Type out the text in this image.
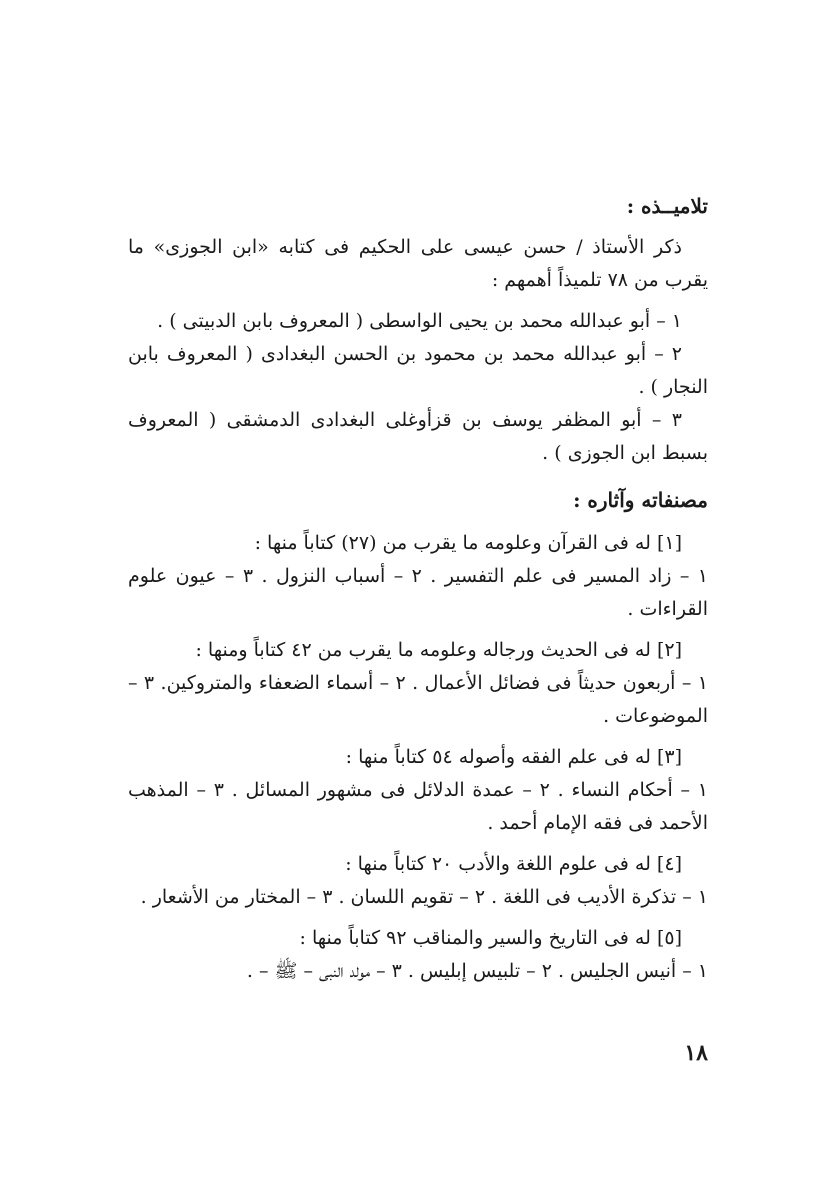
تلاميــذه :

ذكر الأستاذ / حسن عيسى على الحكيم فى كتابه «ابن الجوزى» ما يقرب من ٧٨ تلميذاً أهمهم :

١ – أبو عبدالله محمد بن يحيى الواسطى ( المعروف بابن الدبيتى ) .

٢ – أبو عبدالله محمد بن محمود بن الحسن البغدادى ( المعروف بابن النجار ) .

٣ – أبو المظفر يوسف بن قزأوغلى البغدادى الدمشقى ( المعروف بسبط ابن الجوزى ) .

مصنفاته وآثاره :

[١] له فى القرآن وعلومه ما يقرب من (٢٧) كتاباً منها :

١ – زاد المسير فى علم التفسير . ٢ – أسباب النزول . ٣ – عيون علوم القراءات .

[٢] له فى الحديث ورجاله وعلومه ما يقرب من ٤٢ كتاباً ومنها :

١ – أربعون حديثاً فى فضائل الأعمال . ٢ – أسماء الضعفاء والمتروكين. ٣ – الموضوعات .

[٣] له فى علم الفقه وأصوله ٥٤ كتاباً منها :

١ – أحكام النساء . ٢ – عمدة الدلائل فى مشهور المسائل . ٣ – المذهب الأحمد فى فقه الإمام أحمد .

[٤] له فى علوم اللغة والأدب ٢٠ كتاباً منها :

١ – تذكرة الأديب فى اللغة . ٢ – تقويم اللسان . ٣ – المختار من الأشعار .

[٥] له فى التاريخ والسير والمناقب ٩٢ كتاباً منها :

١ – أنيس الجليس . ٢ – تلبيس إبليس . ٣ – مولد النبى – ﷺ – .

١٨
